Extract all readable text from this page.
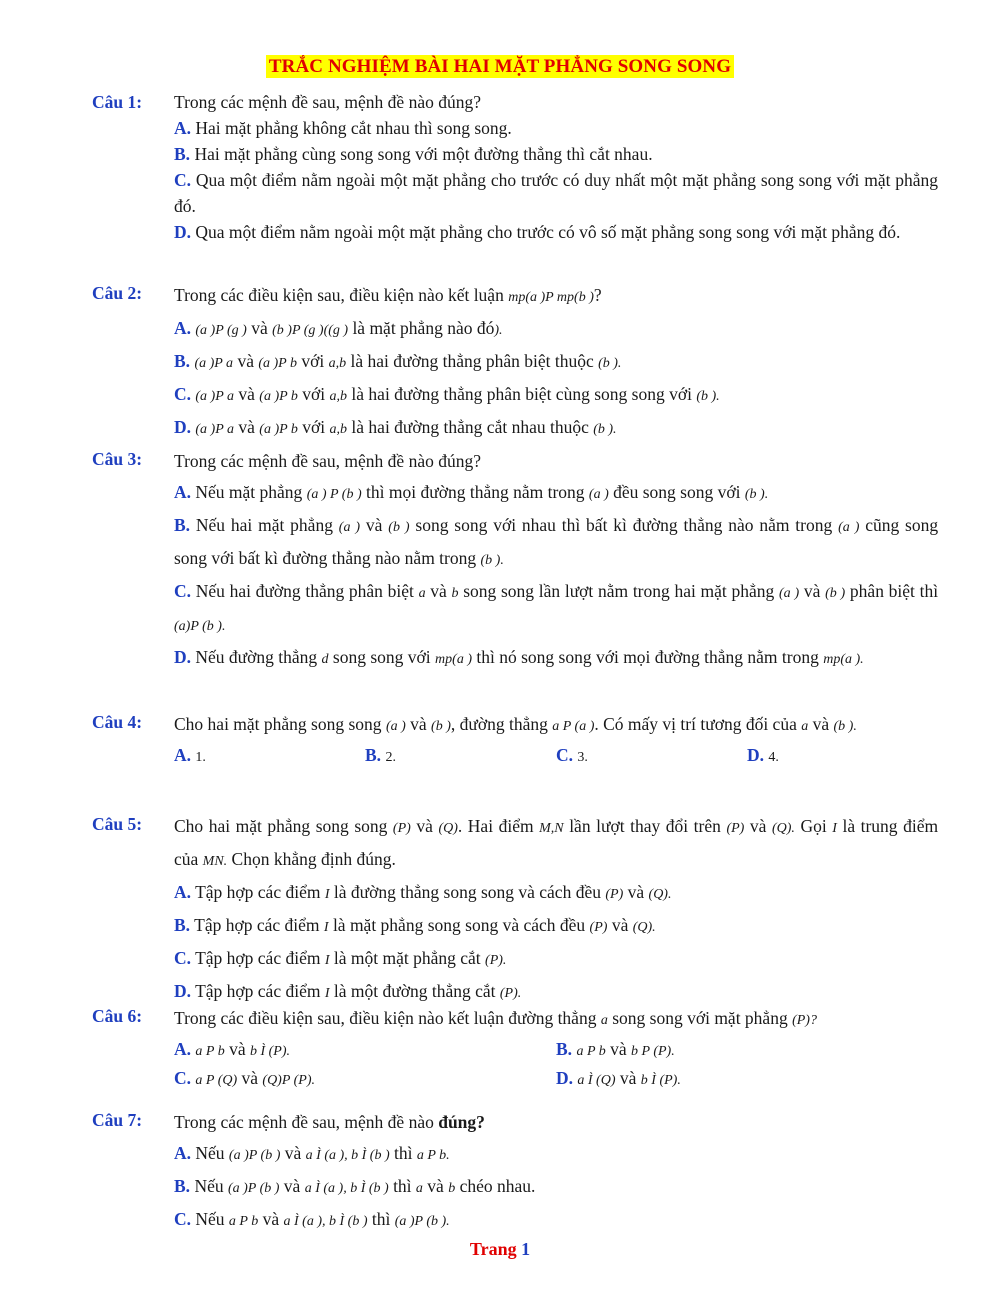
TRẮC NGHIỆM BÀI HAI MẶT PHẲNG SONG SONG
Câu 1: Trong các mệnh đề sau, mệnh đề nào đúng?
A. Hai mặt phẳng không cắt nhau thì song song.
B. Hai mặt phẳng cùng song song với một đường thẳng thì cắt nhau.
C. Qua một điểm nằm ngoài một mặt phẳng cho trước có duy nhất một mặt phẳng song song với mặt phẳng đó.
D. Qua một điểm nằm ngoài một mặt phẳng cho trước có vô số mặt phẳng song song với mặt phẳng đó.
Câu 2: Trong các điều kiện sau, điều kiện nào kết luận mp(a )P mp(b )?
A. (a )P (g ) và (b )P (g )((g ) là mặt phẳng nào đó).
B. (a )P a và (a )P b với a,b là hai đường thẳng phân biệt thuộc (b ).
C. (a )P a và (a )P b với a,b là hai đường thẳng phân biệt cùng song song với (b ).
D. (a )P a và (a )P b với a,b là hai đường thẳng cắt nhau thuộc (b ).
Câu 3: Trong các mệnh đề sau, mệnh đề nào đúng?
A. Nếu mặt phẳng (a ) P (b ) thì mọi đường thẳng nằm trong (a ) đều song song với (b ).
B. Nếu hai mặt phẳng (a ) và (b ) song song với nhau thì bất kì đường thẳng nào nằm trong (a ) cũng song song với bất kì đường thẳng nào nằm trong (b ).
C. Nếu hai đường thẳng phân biệt a và b song song lần lượt nằm trong hai mặt phẳng (a ) và (b ) phân biệt thì (a)P (b ).
D. Nếu đường thẳng d song song với mp(a ) thì nó song song với mọi đường thẳng nằm trong mp(a ).
Câu 4: Cho hai mặt phẳng song song (a ) và (b ), đường thẳng a P (a ). Có mấy vị trí tương đối của a và (b ).
A. 1.	B. 2.	C. 3.	D. 4.
Câu 5: Cho hai mặt phẳng song song (P) và (Q). Hai điểm M,N lần lượt thay đổi trên (P) và (Q). Gọi I là trung điểm của MN. Chọn khẳng định đúng.
A. Tập hợp các điểm I là đường thẳng song song và cách đều (P) và (Q).
B. Tập hợp các điểm I là mặt phẳng song song và cách đều (P) và (Q).
C. Tập hợp các điểm I là một mặt phẳng cắt (P).
D. Tập hợp các điểm I là một đường thẳng cắt (P).
Câu 6: Trong các điều kiện sau, điều kiện nào kết luận đường thẳng a song song với mặt phẳng (P)?
A. a P b và b Ì (P).	B. a P b và b P (P).
C. a P (Q) và (Q)P (P).	D. a Ì (Q) và b Ì (P).
Câu 7: Trong các mệnh đề sau, mệnh đề nào đúng?
A. Nếu (a )P (b ) và a Ì (a ), b Ì (b ) thì a P b.
B. Nếu (a )P (b ) và a Ì (a ), b Ì (b ) thì a và b chéo nhau.
C. Nếu a P b và a Ì (a ), b Ì (b ) thì (a )P (b ).
Trang 1
